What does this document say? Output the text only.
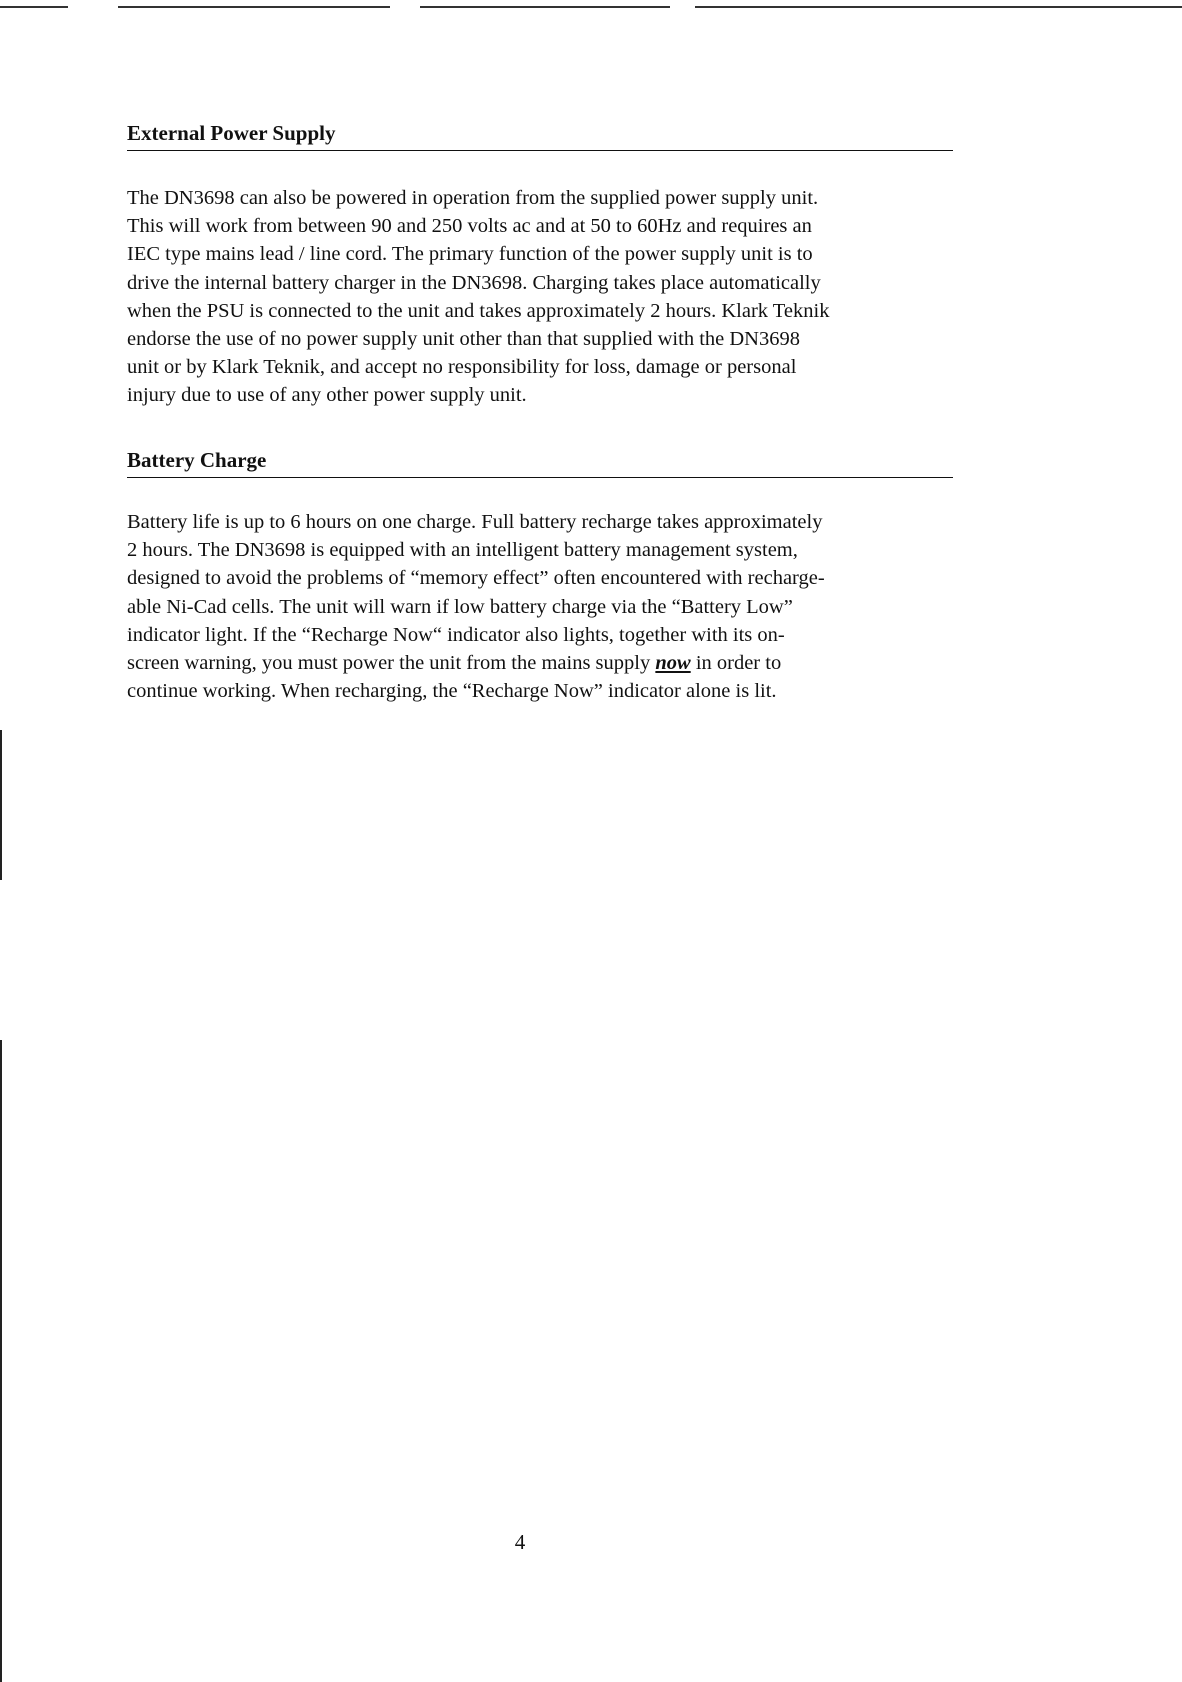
External Power Supply

The DN3698 can also be powered in operation from the supplied power supply unit.
This will work from between 90 and 250 volts ac and at 50 to 60Hz and requires an
IEC type mains lead / line cord. The primary function of the power supply unit is to
drive the internal battery charger in the DN3698. Charging takes place automatically
when the PSU is connected to the unit and takes approximately 2 hours. Klark Teknik
endorse the use of no power supply unit other than that supplied with the DN3698
unit or by Klark Teknik, and accept no responsibility for loss, damage or personal
injury due to use of any other power supply unit.

Battery Charge

Battery life is up to 6 hours on one charge. Full battery recharge takes approximately
2 hours. The DN3698 is equipped with an intelligent battery management system,
designed to avoid the problems of “memory effect” often encountered with recharge-
able Ni-Cad cells. The unit will warn if low battery charge via the “Battery Low”
indicator light. If the “Recharge Now“ indicator also lights, together with its on-
screen warning, you must power the unit from the mains supply now in order to
continue working. When recharging, the “Recharge Now” indicator alone is lit.

4
